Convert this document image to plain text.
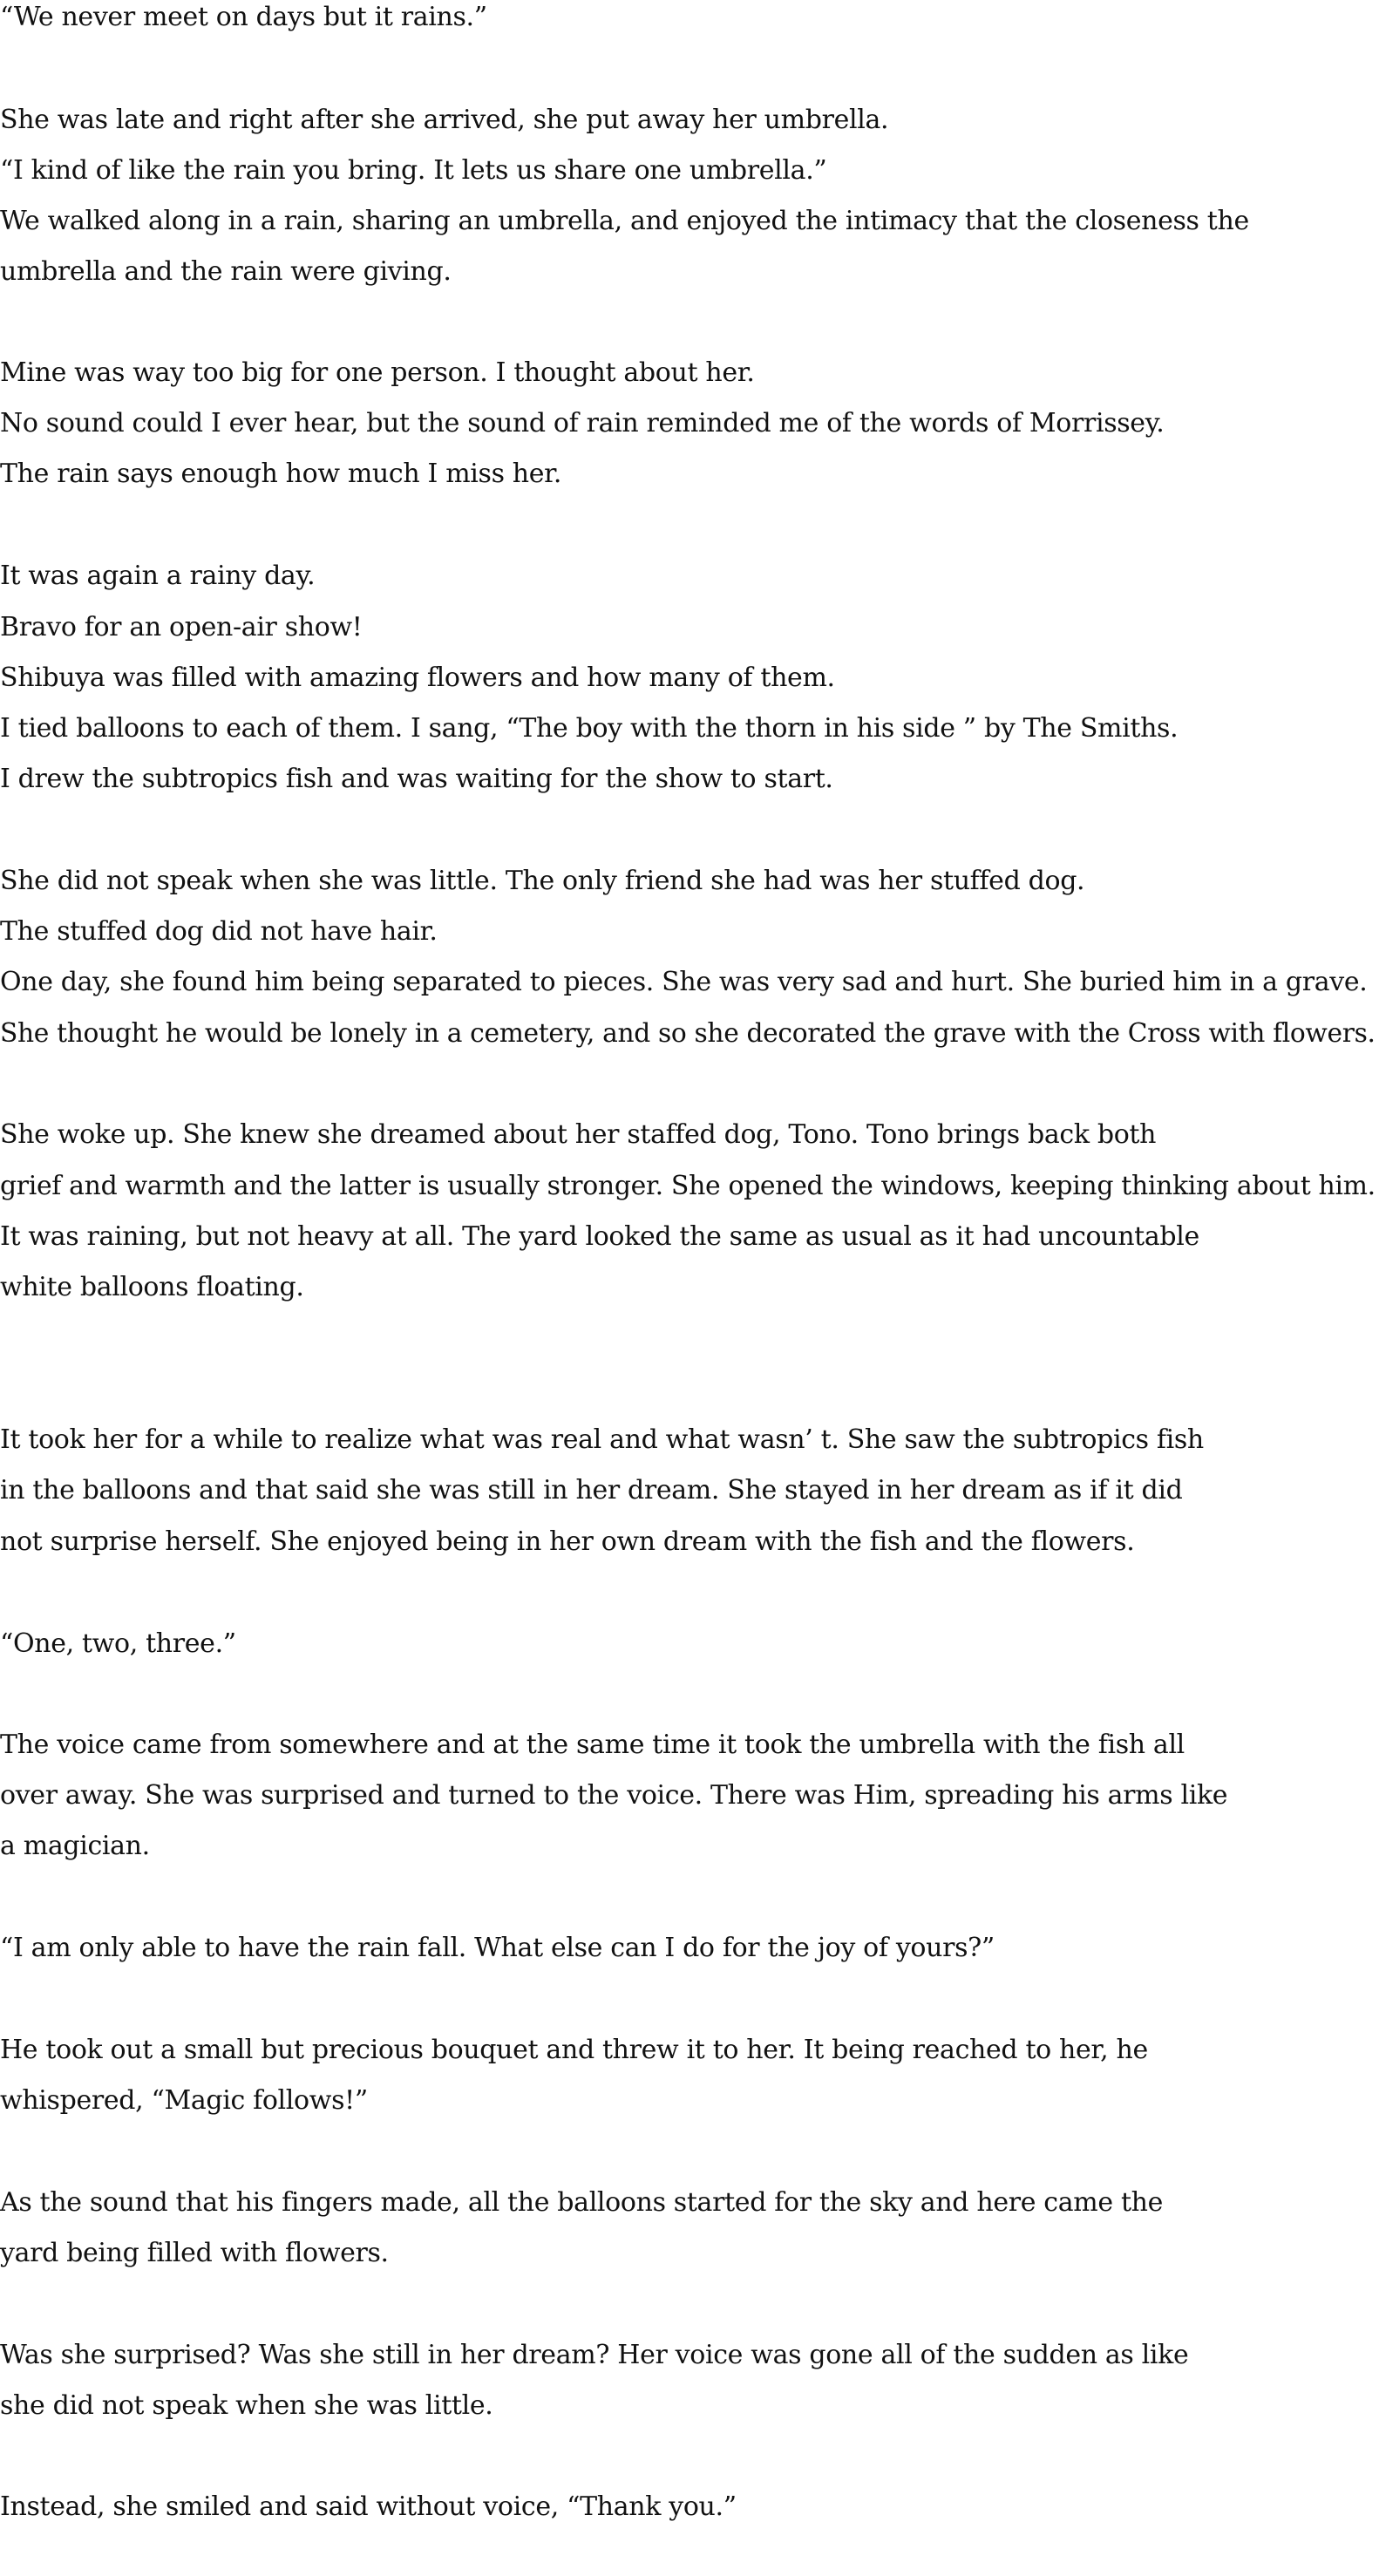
“We never meet on days but it rains.”

She was late and right after she arrived, she put away her umbrella.

“I kind of like the rain you bring. It lets us share one umbrella.”

We walked along in a rain, sharing an umbrella, and enjoyed the intimacy that the closeness the

umbrella and the rain were giving.

Mine was way too big for one person. I thought about her.

No sound could I ever hear, but the sound of rain reminded me of the words of Morrissey.

The rain says enough how much I miss her.

It was again a rainy day.

Bravo for an open-air show!

Shibuya was filled with amazing flowers and how many of them.

I tied balloons to each of them. I sang, “The boy with the thorn in his side ” by The Smiths.

I drew the subtropics fish and was waiting for the show to start.

She did not speak when she was little. The only friend she had was her stuffed dog.

The stuffed dog did not have hair.

One day, she found him being separated to pieces. She was very sad and hurt. She buried him in a grave.

She thought he would be lonely in a cemetery, and so she decorated the grave with the Cross with flowers.

She woke up. She knew she dreamed about her staffed dog, Tono. Tono brings back both

grief and warmth and the latter is usually stronger. She opened the windows, keeping thinking about him.

It was raining, but not heavy at all. The yard looked the same as usual as it had uncountable

white balloons floating.

It took her for a while to realize what was real and what wasn’ t. She saw the subtropics fish

in the balloons and that said she was still in her dream. She stayed in her dream as if it did

not surprise herself. She enjoyed being in her own dream with the fish and the flowers.

“One, two, three.”

The voice came from somewhere and at the same time it took the umbrella with the fish all

over away. She was surprised and turned to the voice. There was Him, spreading his arms like

a magician.

“I am only able to have the rain fall. What else can I do for the joy of yours?”

He took out a small but precious bouquet and threw it to her. It being reached to her, he

whispered, “Magic follows!”

As the sound that his fingers made, all the balloons started for the sky and here came the

yard being filled with flowers.

Was she surprised? Was she still in her dream? Her voice was gone all of the sudden as like

she did not speak when she was little.

Instead, she smiled and said without voice, “Thank you.”
